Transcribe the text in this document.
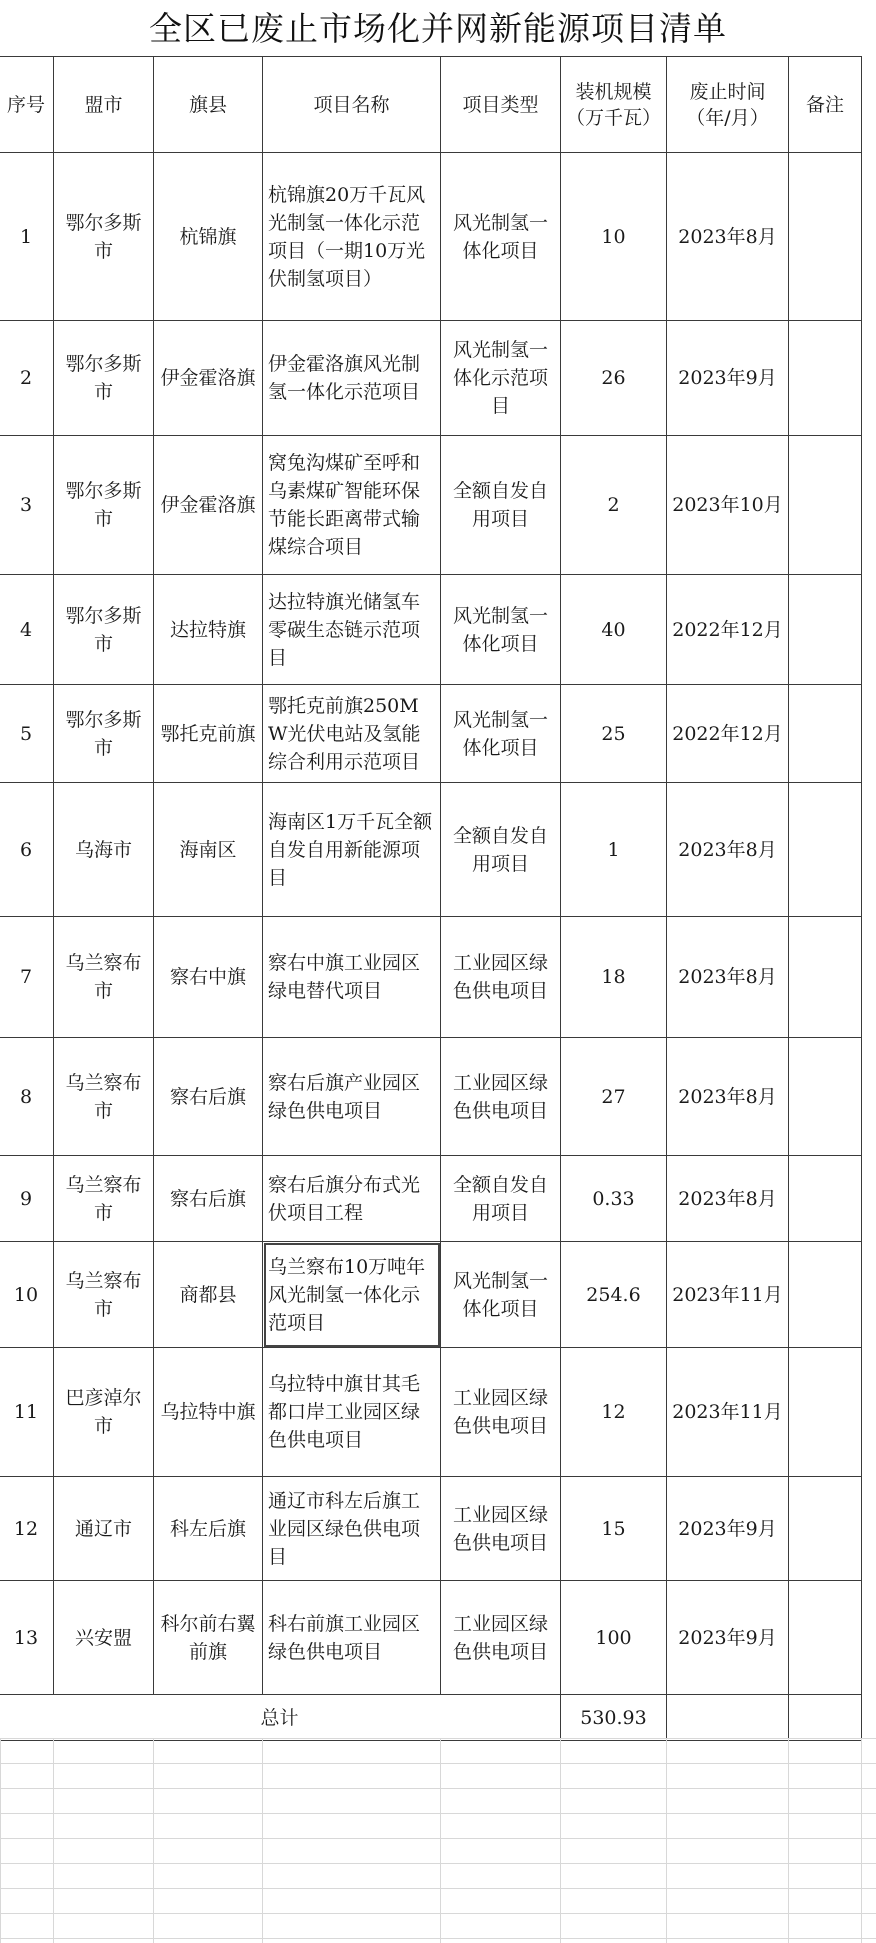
全区已废止市场化并网新能源项目清单
序号	盟市	旗县	项目名称	项目类型	装机规模（万千瓦）	废止时间（年/月）	备注
1	鄂尔多斯市	杭锦旗	杭锦旗20万千瓦风光制氢一体化示范项目（一期10万光伏制氢项目）	风光制氢一体化项目	10	2023年8月	
2	鄂尔多斯市	伊金霍洛旗	伊金霍洛旗风光制氢一体化示范项目	风光制氢一体化示范项目	26	2023年9月	
3	鄂尔多斯市	伊金霍洛旗	窝兔沟煤矿至呼和乌素煤矿智能环保节能长距离带式输煤综合项目	全额自发自用项目	2	2023年10月	
4	鄂尔多斯市	达拉特旗	达拉特旗光储氢车零碳生态链示范项目	风光制氢一体化项目	40	2022年12月	
5	鄂尔多斯市	鄂托克前旗	鄂托克前旗250MW光伏电站及氢能综合利用示范项目	风光制氢一体化项目	25	2022年12月	
6	乌海市	海南区	海南区1万千瓦全额自发自用新能源项目	全额自发自用项目	1	2023年8月	
7	乌兰察布市	察右中旗	察右中旗工业园区绿电替代项目	工业园区绿色供电项目	18	2023年8月	
8	乌兰察布市	察右后旗	察右后旗产业园区绿色供电项目	工业园区绿色供电项目	27	2023年8月	
9	乌兰察布市	察右后旗	察右后旗分布式光伏项目工程	全额自发自用项目	0.33	2023年8月	
10	乌兰察布市	商都县	乌兰察布10万吨年风光制氢一体化示范项目	风光制氢一体化项目	254.6	2023年11月	
11	巴彦淖尔市	乌拉特中旗	乌拉特中旗甘其毛都口岸工业园区绿色供电项目	工业园区绿色供电项目	12	2023年11月	
12	通辽市	科左后旗	通辽市科左后旗工业园区绿色供电项目	工业园区绿色供电项目	15	2023年9月	
13	兴安盟	科尔前右翼前旗	科右前旗工业园区绿色供电项目	工业园区绿色供电项目	100	2023年9月	
总计					530.93		
